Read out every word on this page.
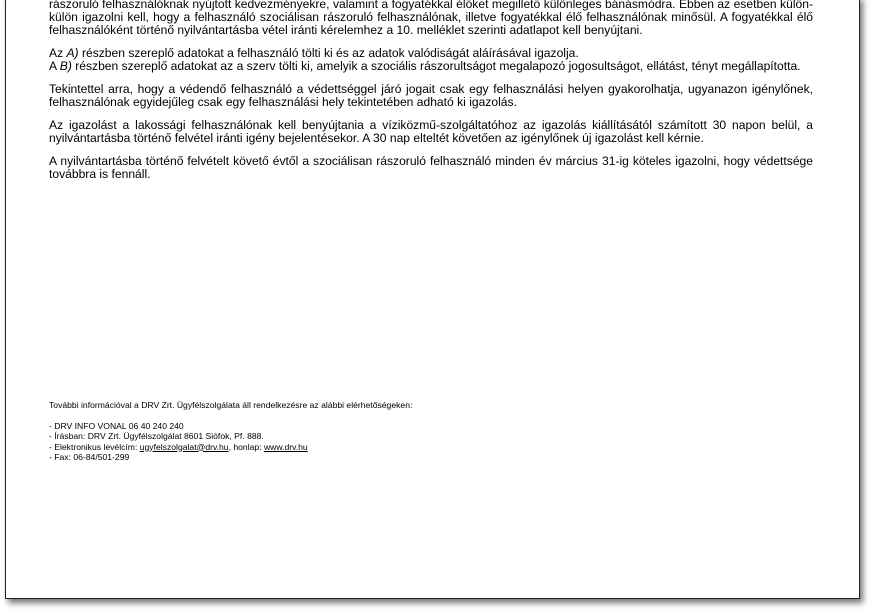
rászoruló felhasználóknak nyújtott kedvezményekre, valamint a fogyatékkal élőket megillető különleges bánásmódra. Ebben az esetben külön-külön igazolni kell, hogy a felhasználó szociálisan rászoruló felhasználónak, illetve fogyatékkal élő felhasználónak minősül. A fogyatékkal élő felhasználóként történő nyilvántartásba vétel iránti kérelemhez a 10. melléklet szerinti adatlapot kell benyújtani.

Az A) részben szereplő adatokat a felhasználó tölti ki és az adatok valódiságát aláírásával igazolja.
A B) részben szereplő adatokat az a szerv tölti ki, amelyik a szociális rászorultságot megalapozó jogosultságot, ellátást, tényt megállapította.

Tekintettel arra, hogy a védendő felhasználó a védettséggel járó jogait csak egy felhasználási helyen gyakorolhatja, ugyanazon igénylőnek, felhasználónak egyidejűleg csak egy felhasználási hely tekintetében adható ki igazolás.

Az igazolást a lakossági felhasználónak kell benyújtania a víziközmű-szolgáltatóhoz az igazolás kiállításától számított 30 napon belül, a nyilvántartásba történő felvétel iránti igény bejelentésekor. A 30 nap elteltét követően az igénylőnek új igazolást kell kérnie.

A nyilvántartásba történő felvételt követő évtől a szociálisan rászoruló felhasználó minden év március 31-ig köteles igazolni, hogy védettsége továbbra is fennáll.

További információval a DRV Zrt. Ügyfélszolgálata áll rendelkezésre az alábbi elérhetőségeken:

- DRV INFO VONAL 06 40 240 240
- Írásban: DRV Zrt. Ügyfélszolgálat 8601 Siófok, Pf. 888.
- Elektronikus levélcím: ugyfelszolgalat@drv.hu, honlap: www.drv.hu
- Fax: 06-84/501-299
